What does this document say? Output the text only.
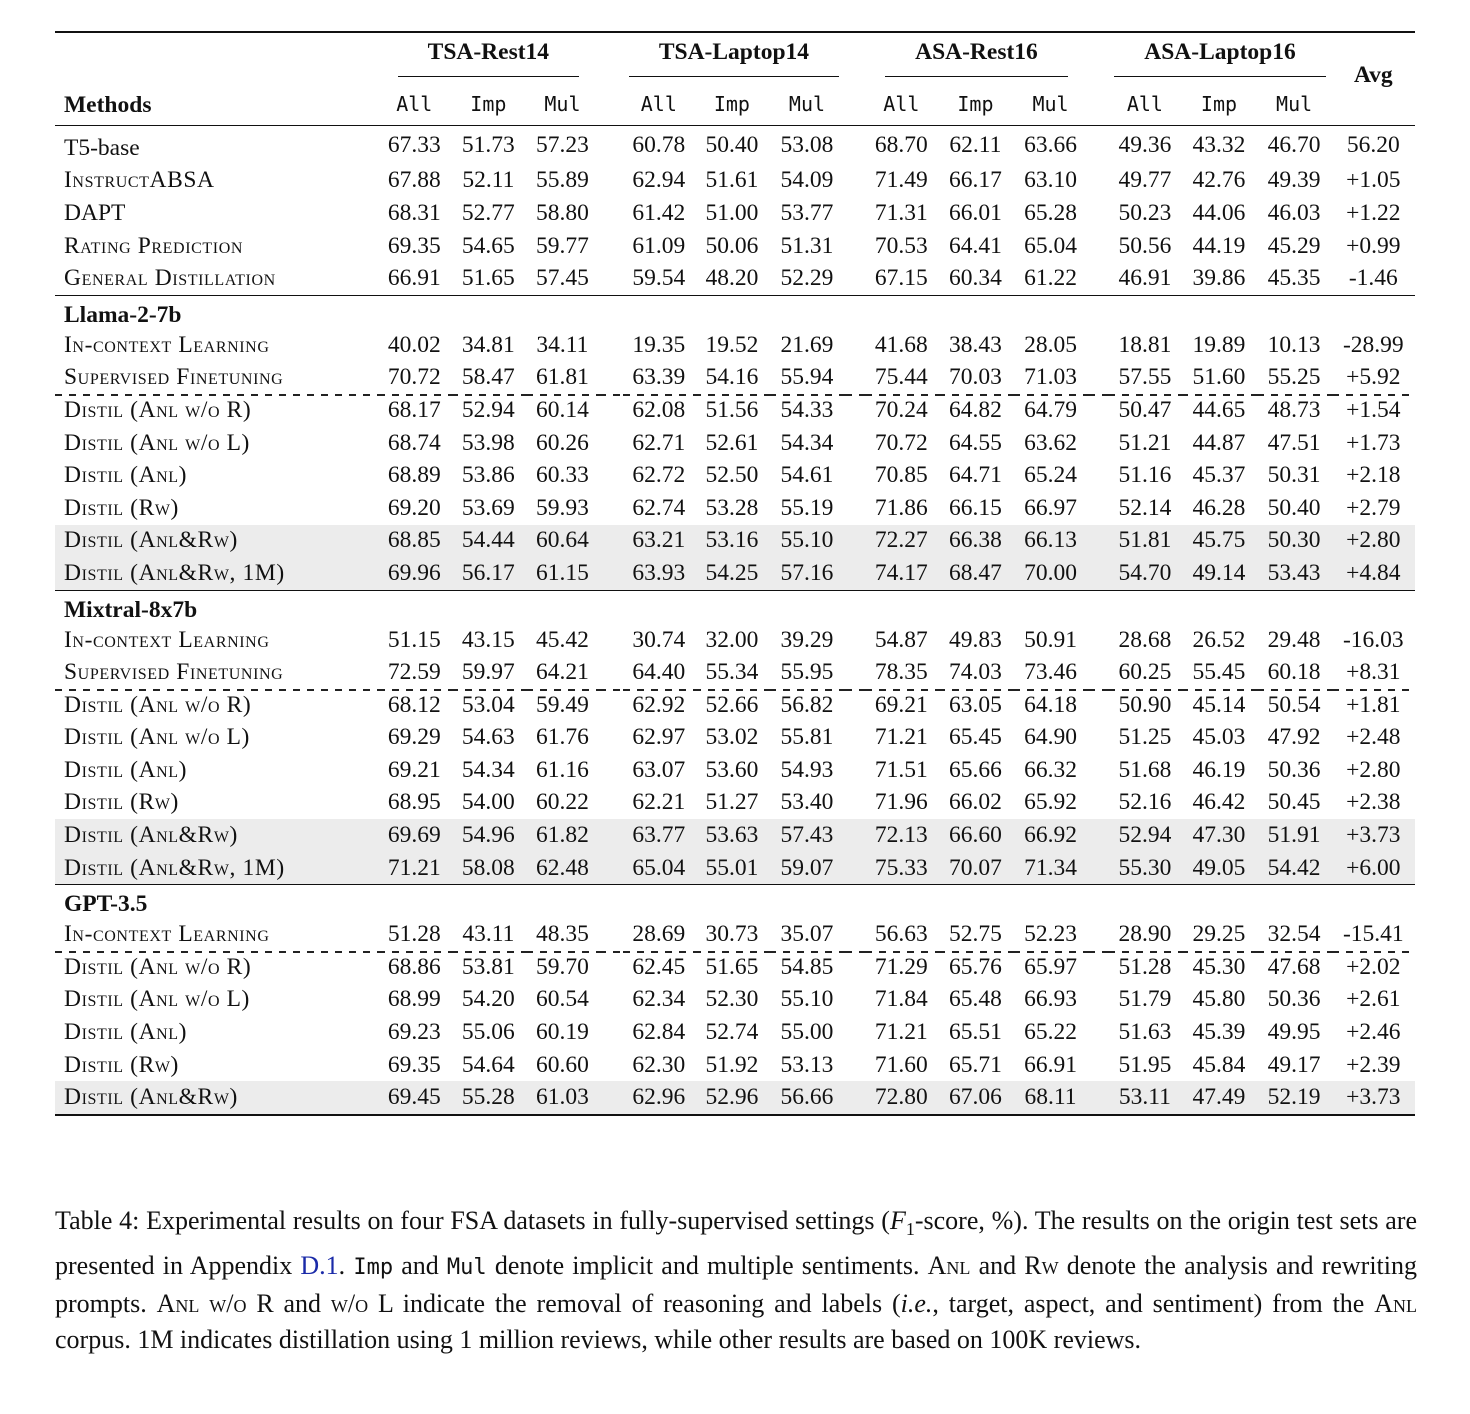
Methods	TSA-Rest14				TSA-Laptop14				ASA-Rest16				ASA-Laptop16			Avg
	All	Imp	Mul		All	Imp	Mul		All	Imp	Mul		All	Imp	Mul	
T5-base	67.33	51.73	57.23		60.78	50.40	53.08		68.70	62.11	63.66		49.36	43.32	46.70	56.20
InstructABSA	67.88	52.11	55.89		62.94	51.61	54.09		71.49	66.17	63.10		49.77	42.76	49.39	+1.05
DAPT	68.31	52.77	58.80		61.42	51.00	53.77		71.31	66.01	65.28		50.23	44.06	46.03	+1.22
Rating Prediction	69.35	54.65	59.77		61.09	50.06	51.31		70.53	64.41	65.04		50.56	44.19	45.29	+0.99
General Distillation	66.91	51.65	57.45		59.54	48.20	52.29		67.15	60.34	61.22		46.91	39.86	45.35	-1.46
Llama-2-7b																
In-context Learning	40.02	34.81	34.11		19.35	19.52	21.69		41.68	38.43	28.05		18.81	19.89	10.13	-28.99
Supervised Finetuning	70.72	58.47	61.81		63.39	54.16	55.94		75.44	70.03	71.03		57.55	51.60	55.25	+5.92
Distil (Anl w/o R)	68.17	52.94	60.14		62.08	51.56	54.33		70.24	64.82	64.79		50.47	44.65	48.73	+1.54
Distil (Anl w/o L)	68.74	53.98	60.26		62.71	52.61	54.34		70.72	64.55	63.62		51.21	44.87	47.51	+1.73
Distil (Anl)	68.89	53.86	60.33		62.72	52.50	54.61		70.85	64.71	65.24		51.16	45.37	50.31	+2.18
Distil (Rw)	69.20	53.69	59.93		62.74	53.28	55.19		71.86	66.15	66.97		52.14	46.28	50.40	+2.79
Distil (Anl&Rw)	68.85	54.44	60.64		63.21	53.16	55.10		72.27	66.38	66.13		51.81	45.75	50.30	+2.80
Distil (Anl&Rw, 1M)	69.96	56.17	61.15		63.93	54.25	57.16		74.17	68.47	70.00		54.70	49.14	53.43	+4.84
Mixtral-8x7b																
In-context Learning	51.15	43.15	45.42		30.74	32.00	39.29		54.87	49.83	50.91		28.68	26.52	29.48	-16.03
Supervised Finetuning	72.59	59.97	64.21		64.40	55.34	55.95		78.35	74.03	73.46		60.25	55.45	60.18	+8.31
Distil (Anl w/o R)	68.12	53.04	59.49		62.92	52.66	56.82		69.21	63.05	64.18		50.90	45.14	50.54	+1.81
Distil (Anl w/o L)	69.29	54.63	61.76		62.97	53.02	55.81		71.21	65.45	64.90		51.25	45.03	47.92	+2.48
Distil (Anl)	69.21	54.34	61.16		63.07	53.60	54.93		71.51	65.66	66.32		51.68	46.19	50.36	+2.80
Distil (Rw)	68.95	54.00	60.22		62.21	51.27	53.40		71.96	66.02	65.92		52.16	46.42	50.45	+2.38
Distil (Anl&Rw)	69.69	54.96	61.82		63.77	53.63	57.43		72.13	66.60	66.92		52.94	47.30	51.91	+3.73
Distil (Anl&Rw, 1M)	71.21	58.08	62.48		65.04	55.01	59.07		75.33	70.07	71.34		55.30	49.05	54.42	+6.00
GPT-3.5																
In-context Learning	51.28	43.11	48.35		28.69	30.73	35.07		56.63	52.75	52.23		28.90	29.25	32.54	-15.41
Distil (Anl w/o R)	68.86	53.81	59.70		62.45	51.65	54.85		71.29	65.76	65.97		51.28	45.30	47.68	+2.02
Distil (Anl w/o L)	68.99	54.20	60.54		62.34	52.30	55.10		71.84	65.48	66.93		51.79	45.80	50.36	+2.61
Distil (Anl)	69.23	55.06	60.19		62.84	52.74	55.00		71.21	65.51	65.22		51.63	45.39	49.95	+2.46
Distil (Rw)	69.35	54.64	60.60		62.30	51.92	53.13		71.60	65.71	66.91		51.95	45.84	49.17	+2.39
Distil (Anl&Rw)	69.45	55.28	61.03		62.96	52.96	56.66		72.80	67.06	68.11		53.11	47.49	52.19	+3.73
Table 4: Experimental results on four FSA datasets in fully-supervised settings ($F_1$-score, %). The results on the origin test sets are presented in Appendix D.1. Imp and Mul denote implicit and multiple sentiments. Anl and Rw denote the analysis and rewriting prompts. Anl w/o R and w/o L indicate the removal of reasoning and labels (i.e., target, aspect, and sentiment) from the Anl corpus. 1M indicates distillation using 1 million reviews, while other results are based on 100K reviews.
